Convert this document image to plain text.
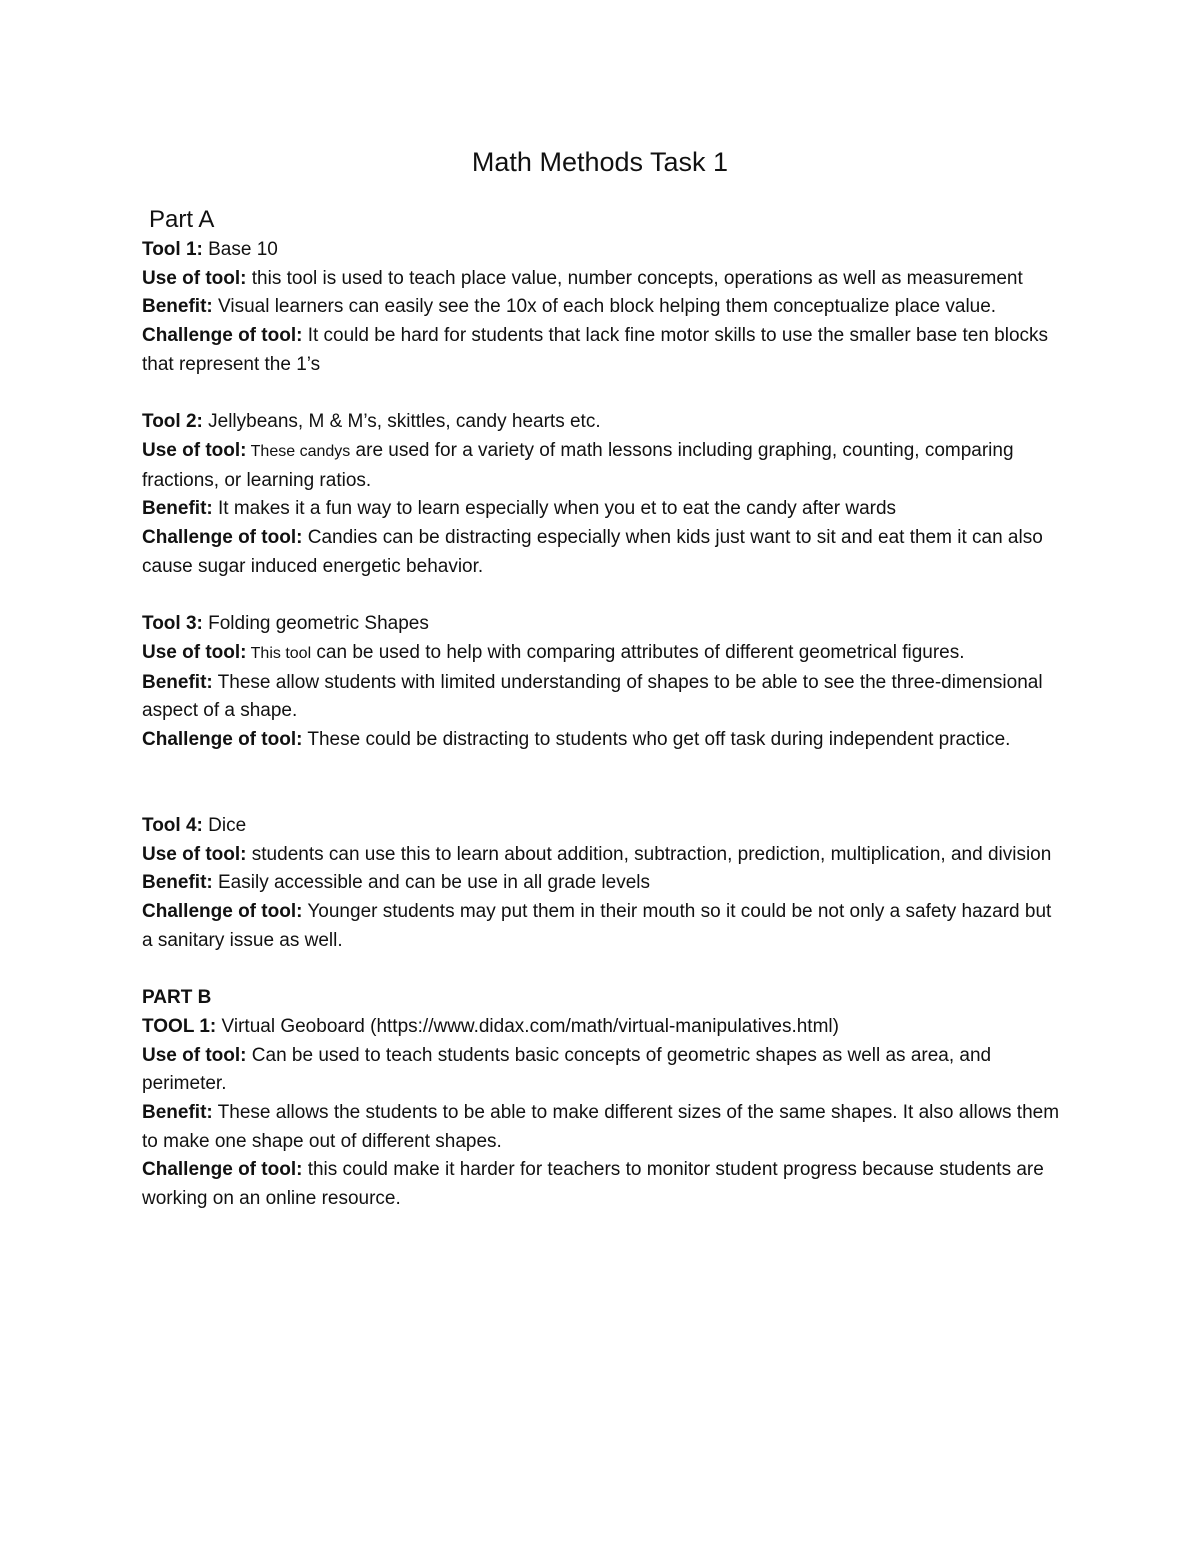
Math Methods Task 1
Part A

Tool 1: Base 10

Use of tool: this tool is used to teach place value, number concepts, operations as well as measurement

Benefit: Visual learners can easily see the 10x of each block helping them conceptualize place value.

Challenge of tool: It could be hard for students that lack fine motor skills to use the smaller base ten blocks that represent the 1’s

Tool 2: Jellybeans, M & M’s, skittles, candy hearts etc.

Use of tool: These candys are used for a variety of math lessons including graphing, counting, comparing fractions, or learning ratios.

Benefit: It makes it a fun way to learn especially when you et to eat the candy after wards

Challenge of tool: Candies can be distracting especially when kids just want to sit and eat them it can also cause sugar induced energetic behavior.

Tool 3: Folding geometric Shapes

Use of tool: This tool can be used to help with comparing attributes of different geometrical figures.

Benefit: These allow students with limited understanding of shapes to be able to see the three-dimensional aspect of a shape.

Challenge of tool: These could be distracting to students who get off task during independent practice.

Tool 4: Dice

Use of tool: students can use this to learn about addition, subtraction, prediction, multiplication, and division

Benefit: Easily accessible and can be use in all grade levels

Challenge of tool: Younger students may put them in their mouth so it could be not only a safety hazard but a sanitary issue as well.

PART B

TOOL 1: Virtual Geoboard (https://www.didax.com/math/virtual-manipulatives.html)

Use of tool: Can be used to teach students basic concepts of geometric shapes as well as area, and perimeter.

Benefit: These allows the students to be able to make different sizes of the same shapes. It also allows them to make one shape out of different shapes.

Challenge of tool: this could make it harder for teachers to monitor student progress because students are working on an online resource.
